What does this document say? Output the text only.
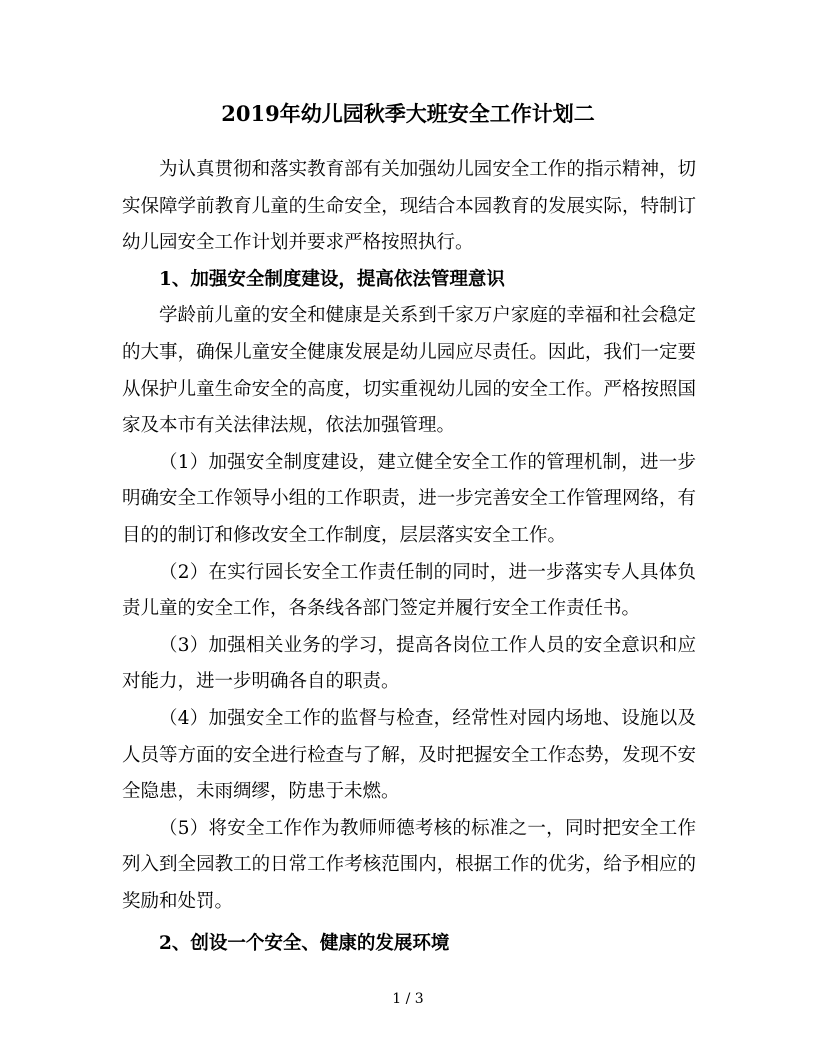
2019年幼儿园秋季大班安全工作计划二

为认真贯彻和落实教育部有关加强幼儿园安全工作的指示精神，切实保障学前教育儿童的生命安全，现结合本园教育的发展实际，特制订幼儿园安全工作计划并要求严格按照执行。

1、加强安全制度建设，提高依法管理意识

学龄前儿童的安全和健康是关系到千家万户家庭的幸福和社会稳定的大事，确保儿童安全健康发展是幼儿园应尽责任。因此，我们一定要从保护儿童生命安全的高度，切实重视幼儿园的安全工作。严格按照国家及本市有关法律法规，依法加强管理。

（1）加强安全制度建设，建立健全安全工作的管理机制，进一步明确安全工作领导小组的工作职责，进一步完善安全工作管理网络，有目的的制订和修改安全工作制度，层层落实安全工作。

（2）在实行园长安全工作责任制的同时，进一步落实专人具体负责儿童的安全工作，各条线各部门签定并履行安全工作责任书。

（3）加强相关业务的学习，提高各岗位工作人员的安全意识和应对能力，进一步明确各自的职责。

（4）加强安全工作的监督与检查，经常性对园内场地、设施以及人员等方面的安全进行检查与了解，及时把握安全工作态势，发现不安全隐患，未雨绸缪，防患于未燃。

（5）将安全工作作为教师师德考核的标准之一，同时把安全工作列入到全园教工的日常工作考核范围内，根据工作的优劣，给予相应的奖励和处罚。

2、创设一个安全、健康的发展环境

1 / 3
